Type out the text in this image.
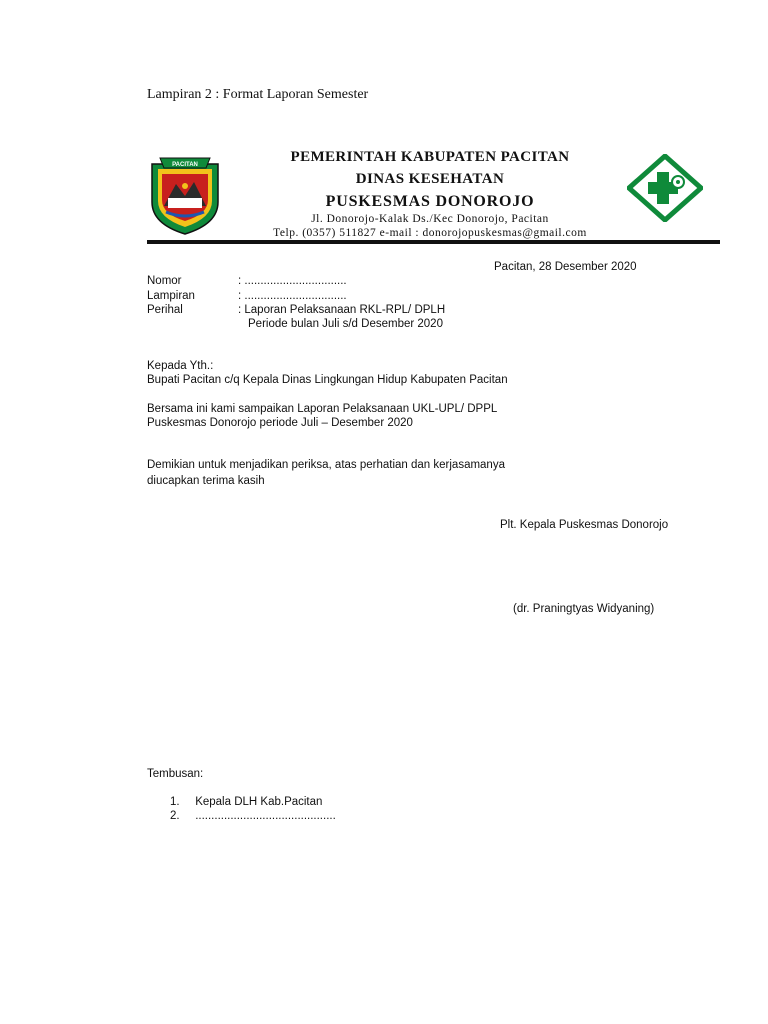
Lampiran 2 : Format Laporan Semester
PACITAN	PEMERINTAH KABUPATEN PACITAN
DINAS KESEHATAN
PUSKESMAS DONOROJO
Jl. Donorojo-Kalak Ds./Kec Donorojo, Pacitan
Telp. (0357) 511827 e-mail : donorojopuskesmas@gmail.com
Pacitan, 28 Desember 2020
Nomor	: ................................
Lampiran	: ................................
Perihal	: Laporan Pelaksanaan RKL-RPL/ DPLH
Periode bulan Juli s/d Desember 2020
Kepada Yth.:
Bupati Pacitan c/q Kepala Dinas Lingkungan Hidup Kabupaten Pacitan
Bersama ini kami sampaikan Laporan Pelaksanaan UKL-UPL/ DPPL
Puskesmas Donorojo periode Juli – Desember 2020
Demikian untuk menjadikan periksa, atas perhatian dan kerjasamanya
diucapkan terima kasih
Plt. Kepala Puskesmas Donorojo
(dr. Praningtyas Widyaning)
Tembusan:
1. Kepala DLH Kab.Pacitan
2. ............................................
